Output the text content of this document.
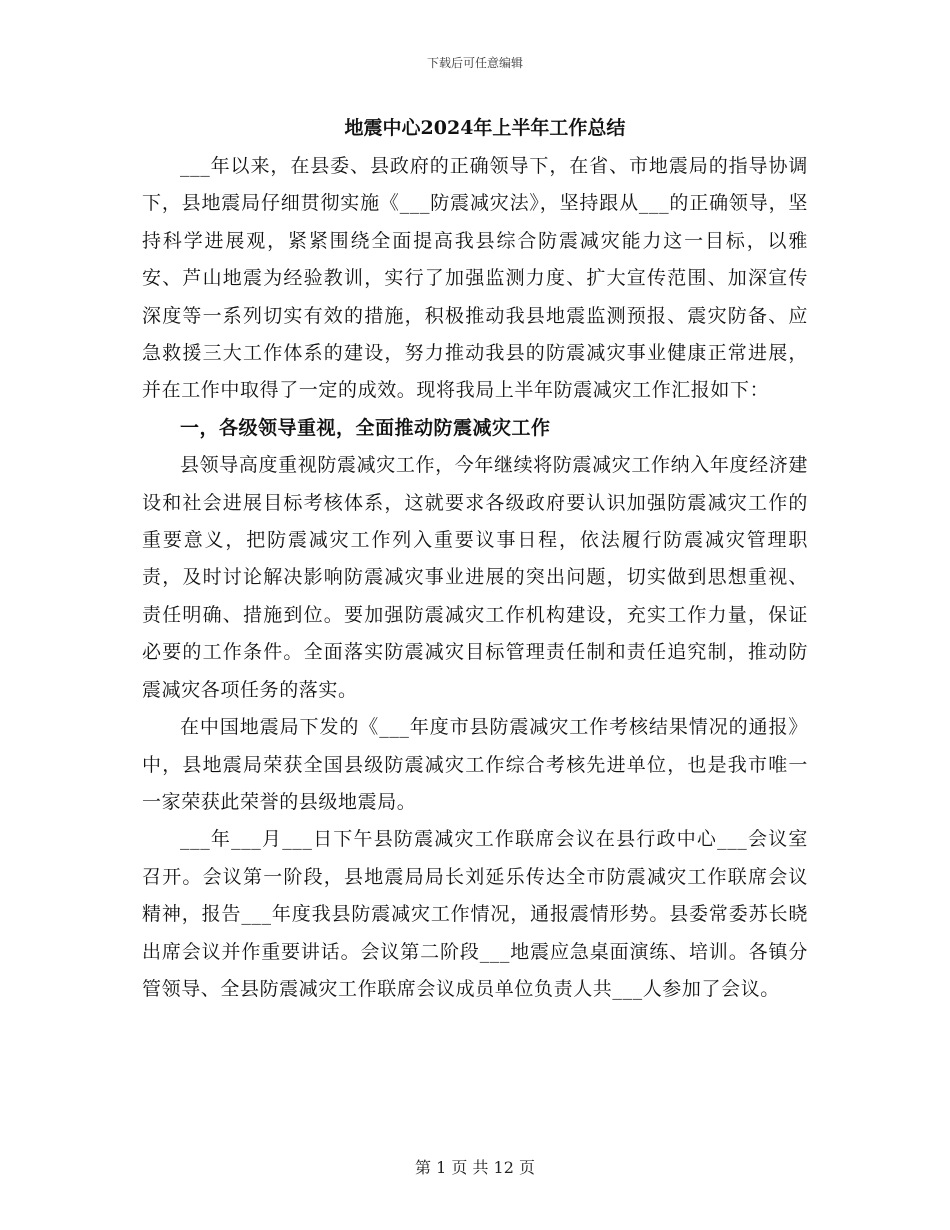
下载后可任意编辑
地震中心2024年上半年工作总结

___年以来，在县委、县政府的正确领导下，在省、市地震局的指导协调下，县地震局仔细贯彻实施《___防震减灾法》，坚持跟从___的正确领导，坚持科学进展观，紧紧围绕全面提高我县综合防震减灾能力这一目标，以雅安、芦山地震为经验教训，实行了加强监测力度、扩大宣传范围、加深宣传深度等一系列切实有效的措施，积极推动我县地震监测预报、震灾防备、应急救援三大工作体系的建设，努力推动我县的防震减灾事业健康正常进展，并在工作中取得了一定的成效。现将我局上半年防震减灾工作汇报如下：

一，各级领导重视，全面推动防震减灾工作

县领导高度重视防震减灾工作，今年继续将防震减灾工作纳入年度经济建设和社会进展目标考核体系，这就要求各级政府要认识加强防震减灾工作的重要意义，把防震减灾工作列入重要议事日程，依法履行防震减灾管理职责，及时讨论解决影响防震减灾事业进展的突出问题，切实做到思想重视、责任明确、措施到位。要加强防震减灾工作机构建设，充实工作力量，保证必要的工作条件。全面落实防震减灾目标管理责任制和责任追究制，推动防震减灾各项任务的落实。

在中国地震局下发的《___年度市县防震减灾工作考核结果情况的通报》中，县地震局荣获全国县级防震减灾工作综合考核先进单位，也是我市唯一一家荣获此荣誉的县级地震局。

___年___月___日下午县防震减灾工作联席会议在县行政中心___会议室召开。会议第一阶段，县地震局局长刘延乐传达全市防震减灾工作联席会议精神，报告___年度我县防震减灾工作情况，通报震情形势。县委常委苏长晓出席会议并作重要讲话。会议第二阶段___地震应急桌面演练、培训。各镇分管领导、全县防震减灾工作联席会议成员单位负责人共___人参加了会议。

第 1 页 共 12 页
